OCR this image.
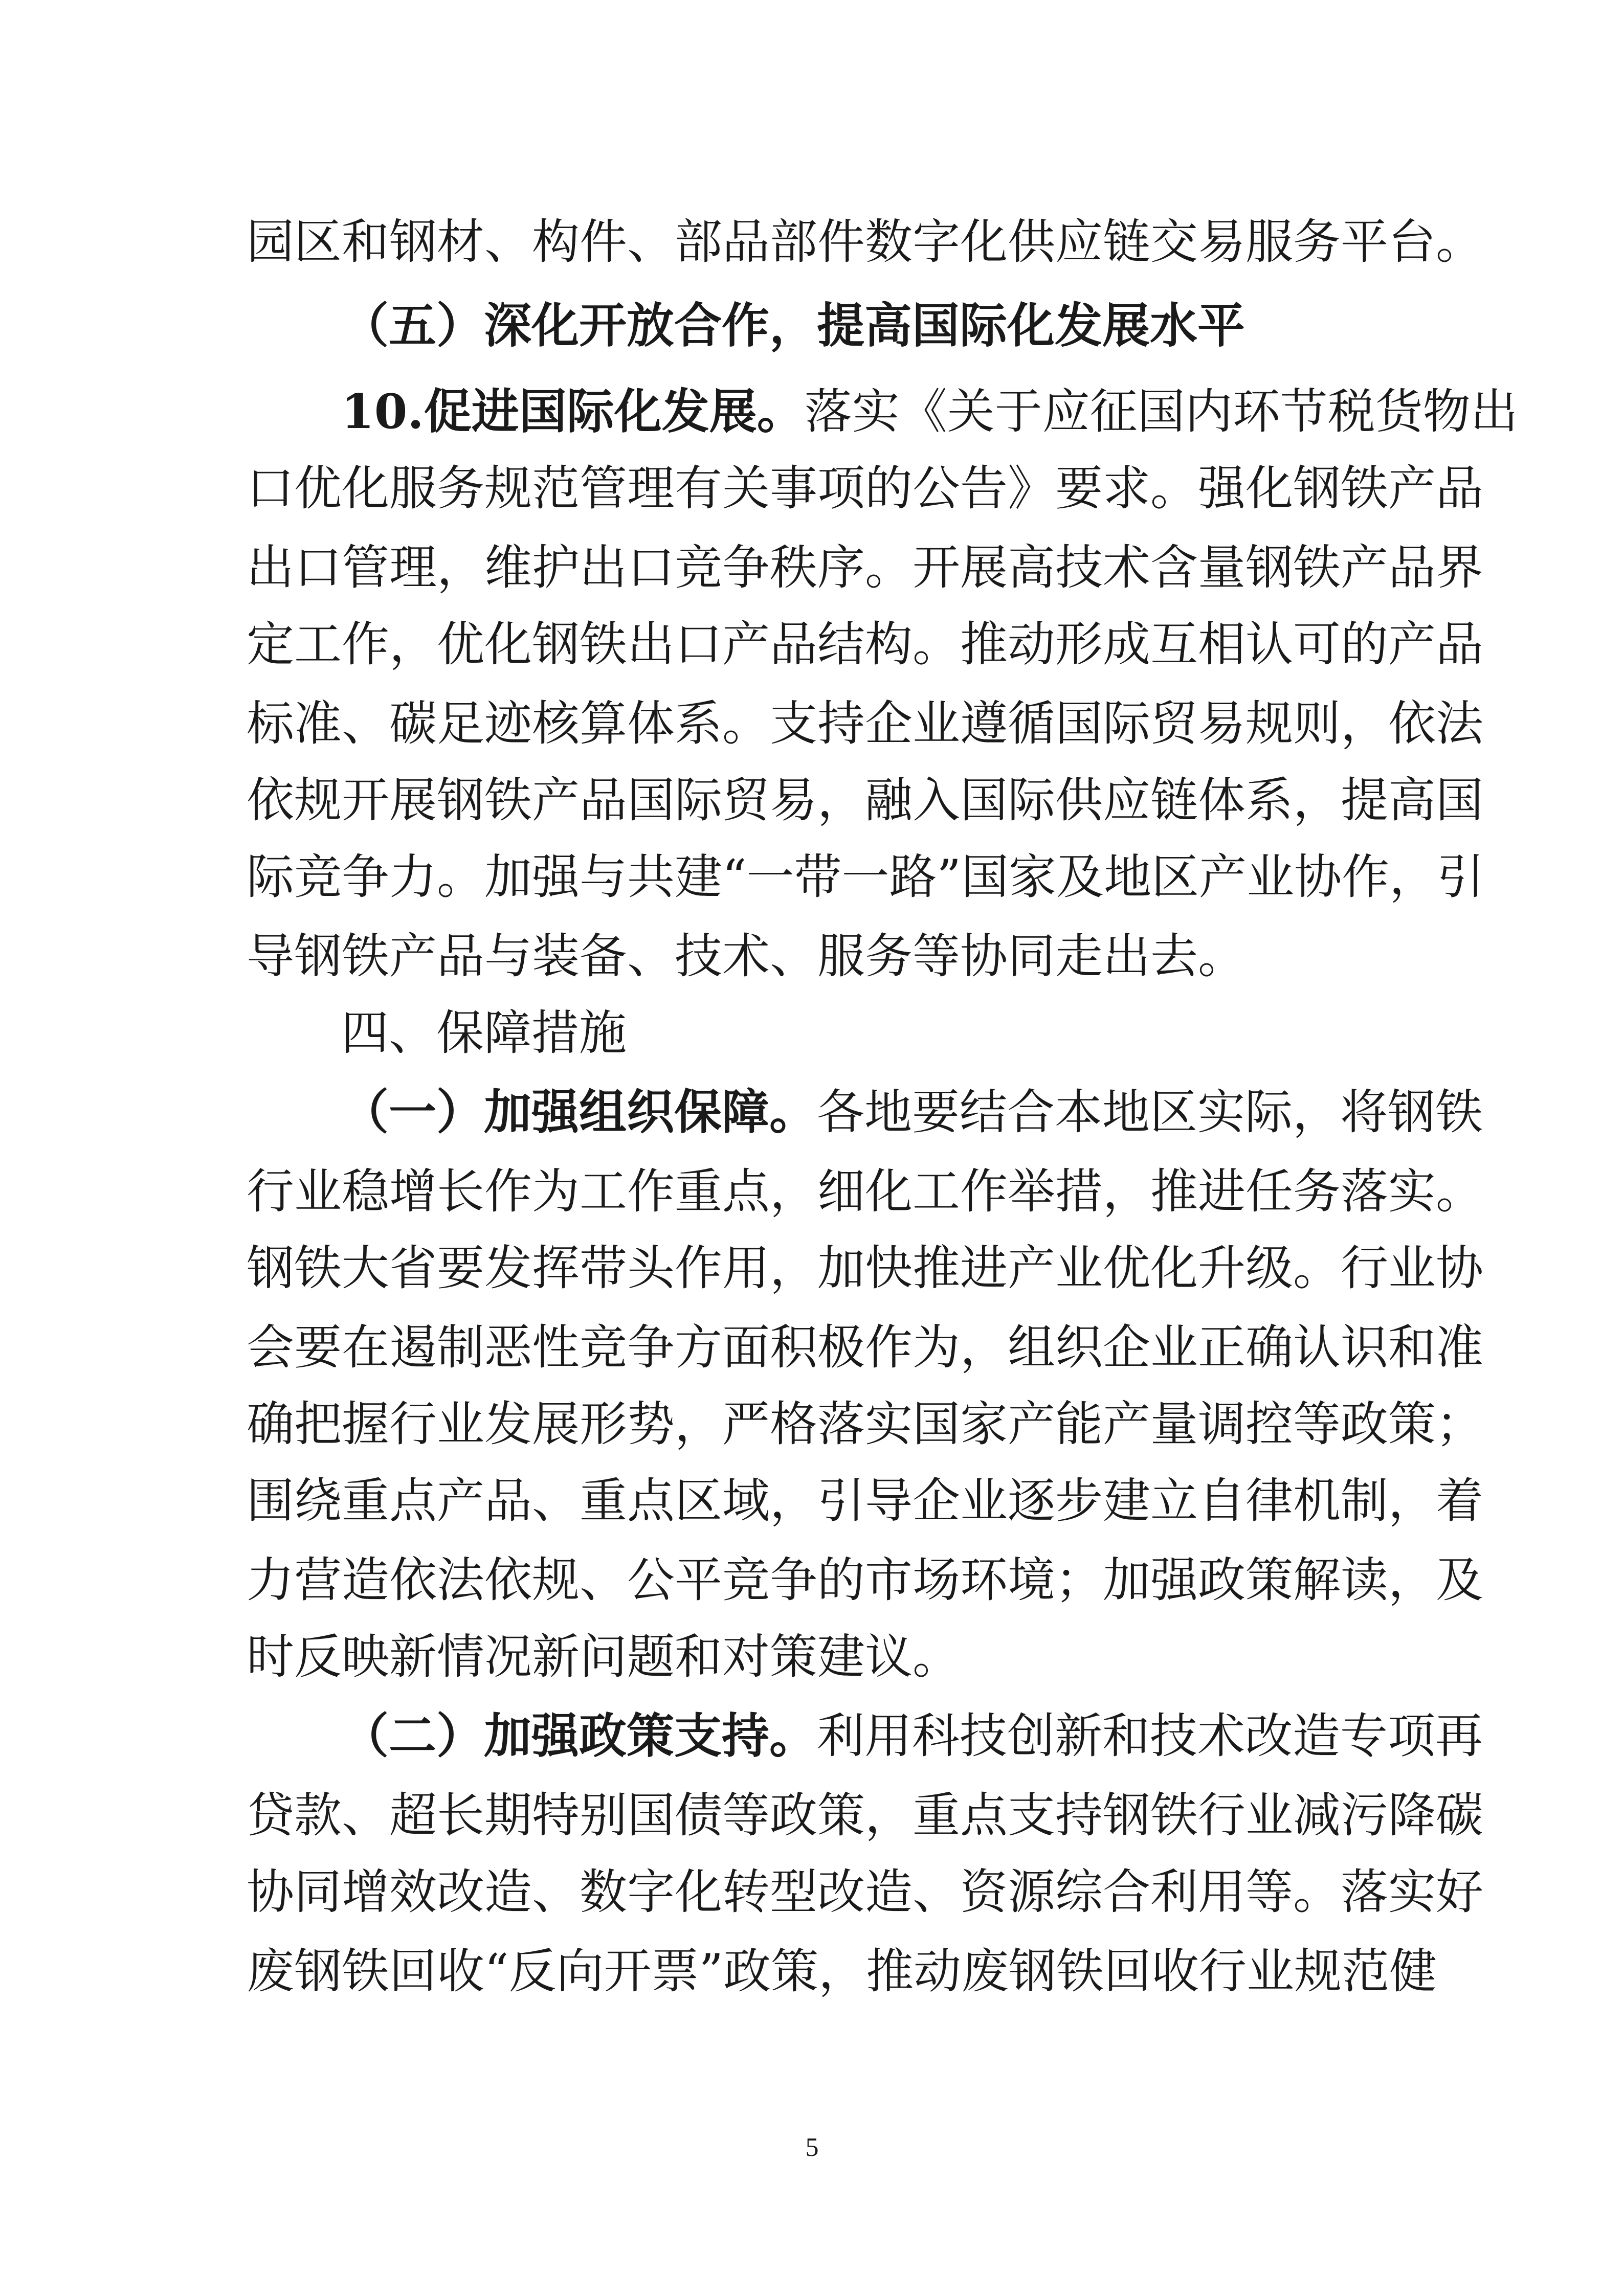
园区和钢材、构件、部品部件数字化供应链交易服务平台。
（五）深化开放合作，提高国际化发展水平
10.促进国际化发展。落实《关于应征国内环节税货物出
口优化服务规范管理有关事项的公告》要求。强化钢铁产品
出口管理，维护出口竞争秩序。开展高技术含量钢铁产品界
定工作，优化钢铁出口产品结构。推动形成互相认可的产品
标准、碳足迹核算体系。支持企业遵循国际贸易规则，依法
依规开展钢铁产品国际贸易，融入国际供应链体系，提高国
际竞争力。加强与共建“一带一路”国家及地区产业协作，引
导钢铁产品与装备、技术、服务等协同走出去。
四、保障措施
（一）加强组织保障。各地要结合本地区实际，将钢铁
行业稳增长作为工作重点，细化工作举措，推进任务落实。
钢铁大省要发挥带头作用，加快推进产业优化升级。行业协
会要在遏制恶性竞争方面积极作为，组织企业正确认识和准
确把握行业发展形势，严格落实国家产能产量调控等政策；
围绕重点产品、重点区域，引导企业逐步建立自律机制，着
力营造依法依规、公平竞争的市场环境；加强政策解读，及
时反映新情况新问题和对策建议。
（二）加强政策支持。利用科技创新和技术改造专项再
贷款、超长期特别国债等政策，重点支持钢铁行业减污降碳
协同增效改造、数字化转型改造、资源综合利用等。落实好
废钢铁回收“反向开票”政策，推动废钢铁回收行业规范健
5
